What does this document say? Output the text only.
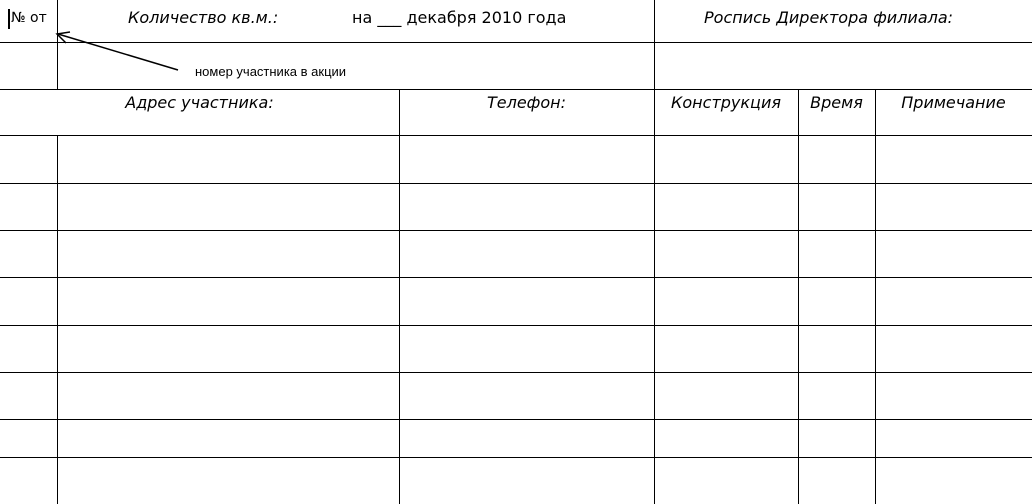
№ от	Количество кв.м.:	на ___ декабря 2010 года	Роспись Директора филиала:
номер участника в акции
Адрес участника:	Телефон:	Конструкция	Время	Примечание
